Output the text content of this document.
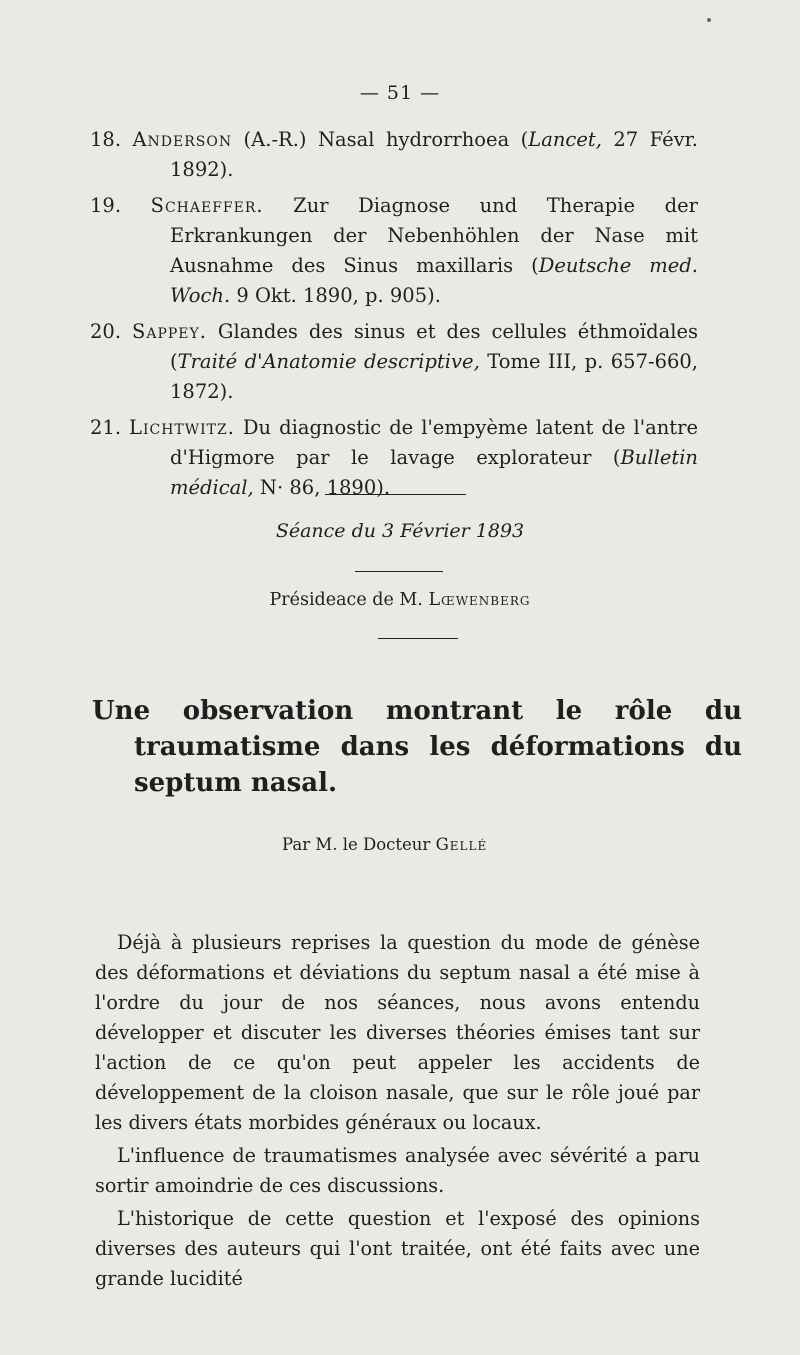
— 51 —
18. Anderson (A.-R.) Nasal hydrorrhoea (Lancet, 27 Févr. 1892).
19. Schaeffer. Zur Diagnose und Therapie der Erkrankungen der Nebenhöhlen der Nase mit Ausnahme des Sinus maxillaris (Deutsche med. Woch. 9 Okt. 1890, p. 905).
20. Sappey. Glandes des sinus et des cellules éthmoïdales (Traité d'Anatomie descriptive, Tome III, p. 657-660, 1872).
21. Lichtwitz. Du diagnostic de l'empyème latent de l'antre d'Higmore par le lavage explorateur (Bulletin médical, N· 86, 1890).
Séance du 3 Février 1893
Présideace de M. Lœwenberg
Une observation montrant le rôle du traumatisme dans les déformations du septum nasal.
Par M. le Docteur Gellé

Déjà à plusieurs reprises la question du mode de génèse des déformations et déviations du septum nasal a été mise à l'ordre du jour de nos séances, nous avons entendu développer et discuter les diverses théories émises tant sur l'action de ce qu'on peut appeler les accidents de développement de la cloison nasale, que sur le rôle joué par les divers états morbides généraux ou locaux.

L'influence de traumatismes analysée avec sévérité a paru sortir amoindrie de ces discussions.

L'historique de cette question et l'exposé des opinions diverses des auteurs qui l'ont traitée, ont été faits avec une grande lucidité
